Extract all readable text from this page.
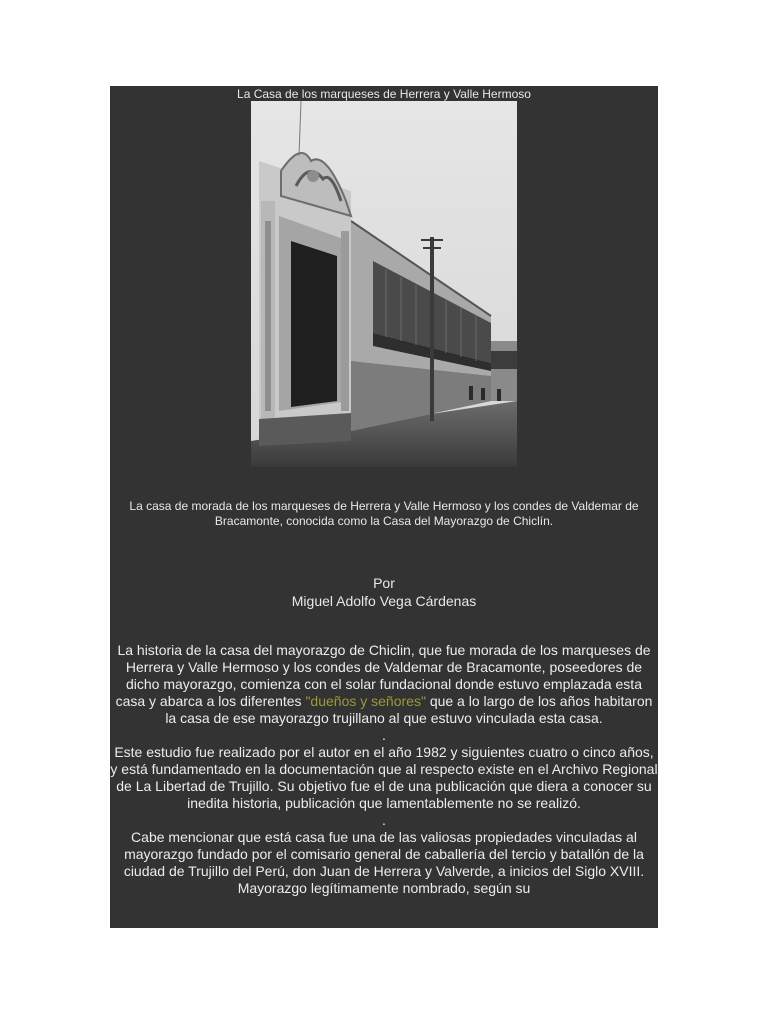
La Casa de los marqueses de Herrera y Valle Hermoso
La casa de morada de los marqueses de Herrera y Valle Hermoso y los condes de Valdemar de Bracamonte, conocida como la Casa del Mayorazgo de Chiclín.
Por
Miguel Adolfo Vega Cárdenas

La historia de la casa del mayorazgo de Chiclin, que fue morada de los marqueses de Herrera y Valle Hermoso y los condes de Valdemar de Bracamonte, poseedores de dicho mayorazgo, comienza con el solar fundacional donde estuvo emplazada esta casa y abarca a los diferentes "dueños y señores" que a lo largo de los años habitaron la casa de ese mayorazgo trujillano al que estuvo vinculada esta casa.

.

Este estudio fue realizado por el autor en el año 1982 y siguientes cuatro o cinco años, y está fundamentado en la documentación que al respecto existe en el Archivo Regional de La Libertad de Trujillo. Su objetivo fue el de una publicación que diera a conocer su inedita historia, publicación que lamentablemente no se realizó.

.

Cabe mencionar que está casa fue una de las valiosas propiedades vinculadas al mayorazgo fundado por el comisario general de caballería del tercio y batallón de la ciudad de Trujillo del Perú, don Juan de Herrera y Valverde, a inicios del Siglo XVIII. Mayorazgo legítimamente nombrado, según su
